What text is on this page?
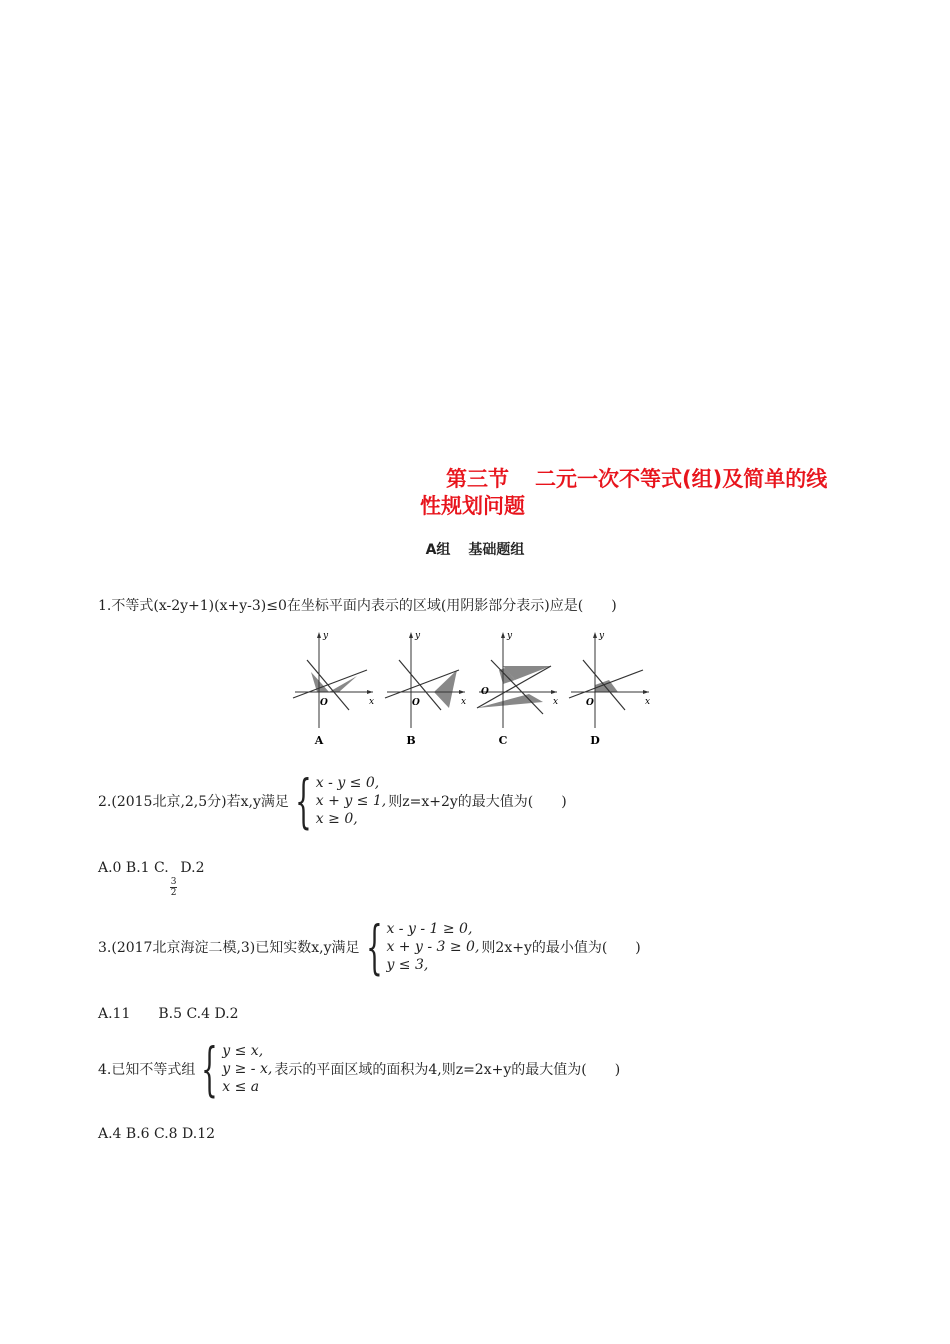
第三节 二元一次不等式(组)及简单的线
性规划问题
A组 基础题组
1.不等式(x-2y+1)(x+y-3)≤0在坐标平面内表示的区域(用阴影部分表示)应是(　　)
y
x
O
A
y
x
O
B
y
x
O
C
y
x
O
D
2.(2015北京,2,5分)若x,y满足 { x - y ≤ 0,
x + y ≤ 1,
x ≥ 0,
则z=x+2y的最大值为(　　)
A.0 B.1 C.
$\frac{3}{2}$
D.2
3.(2017北京海淀二模,3)已知实数x,y满足 { x - y - 1 ≥ 0,
x + y - 3 ≥ 0,
y ≤ 3,
则2x+y的最小值为(　　)
A.11　　B.5 C.4 D.2
4.已知不等式组 { y ≤ x,
y ≥ - x,
x ≤ a
表示的平面区域的面积为4,则z=2x+y的最大值为(　　)
A.4 B.6 C.8 D.12
